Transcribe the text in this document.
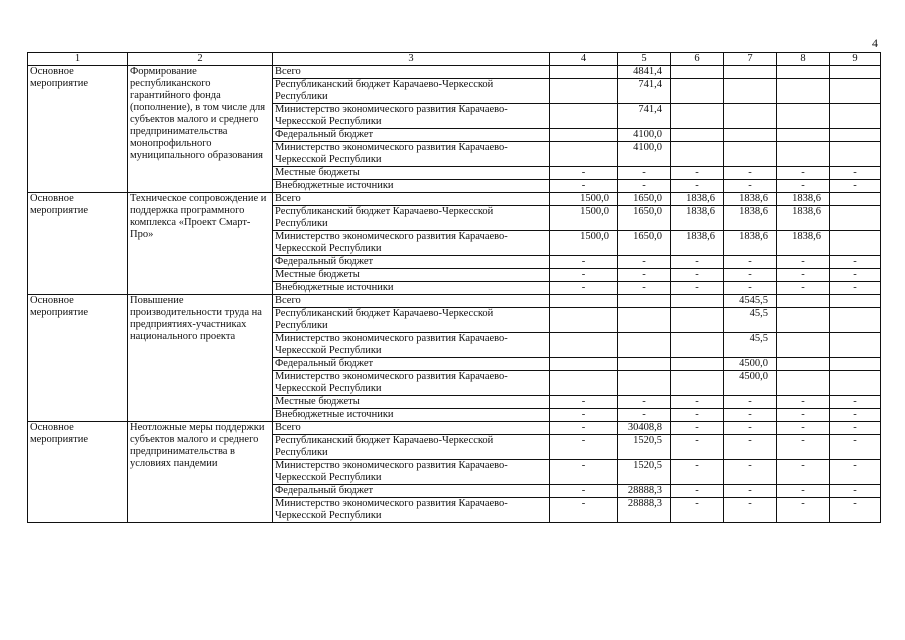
4
1	2	3	4	5	6	7	8	9
Основное мероприятие	Формирование республиканского гарантийного фонда (пополнение), в том числе для субъектов малого и среднего предпринимательства монопрофильного муниципального образования	Всего		4841,4				
		Республиканский бюджет Карачаево-Черкесской Республики		741,4				
		Министерство экономического развития Карачаево-Черкесской Республики		741,4				
		Федеральный бюджет		4100,0				
		Министерство экономического развития Карачаево-Черкесской Республики		4100,0				
		Местные бюджеты	-	-	-	-	-	-
		Внебюджетные источники	-	-	-	-	-	-
Основное мероприятие	Техническое сопровождение и поддержка программного комплекса «Проект Смарт-Про»	Всего	1500,0	1650,0	1838,6	1838,6	1838,6	
		Республиканский бюджет Карачаево-Черкесской Республики	1500,0	1650,0	1838,6	1838,6	1838,6	
		Министерство экономического развития Карачаево-Черкесской Республики	1500,0	1650,0	1838,6	1838,6	1838,6	
		Федеральный бюджет	-	-	-	-	-	-
		Местные бюджеты	-	-	-	-	-	-
		Внебюджетные источники	-	-	-	-	-	-
Основное мероприятие	Повышение производительности труда на предприятиях-участниках национального проекта	Всего				4545,5		
		Республиканский бюджет Карачаево-Черкесской Республики				45,5		
		Министерство экономического развития Карачаево-Черкесской Республики				45,5		
		Федеральный бюджет				4500,0		
		Министерство экономического развития Карачаево-Черкесской Республики				4500,0		
		Местные бюджеты	-	-	-	-	-	-
		Внебюджетные источники	-	-	-	-	-	-
Основное мероприятие	Неотложные меры поддержки субъектов малого и среднего предпринимательства в условиях пандемии	Всего	-	30408,8	-	-	-	-
		Республиканский бюджет Карачаево-Черкесской Республики	-	1520,5	-	-	-	-
		Министерство экономического развития Карачаево-Черкесской Республики	-	1520,5	-	-	-	-
		Федеральный бюджет	-	28888,3	-	-	-	-
		Министерство экономического развития Карачаево-Черкесской Республики	-	28888,3	-	-	-	-
